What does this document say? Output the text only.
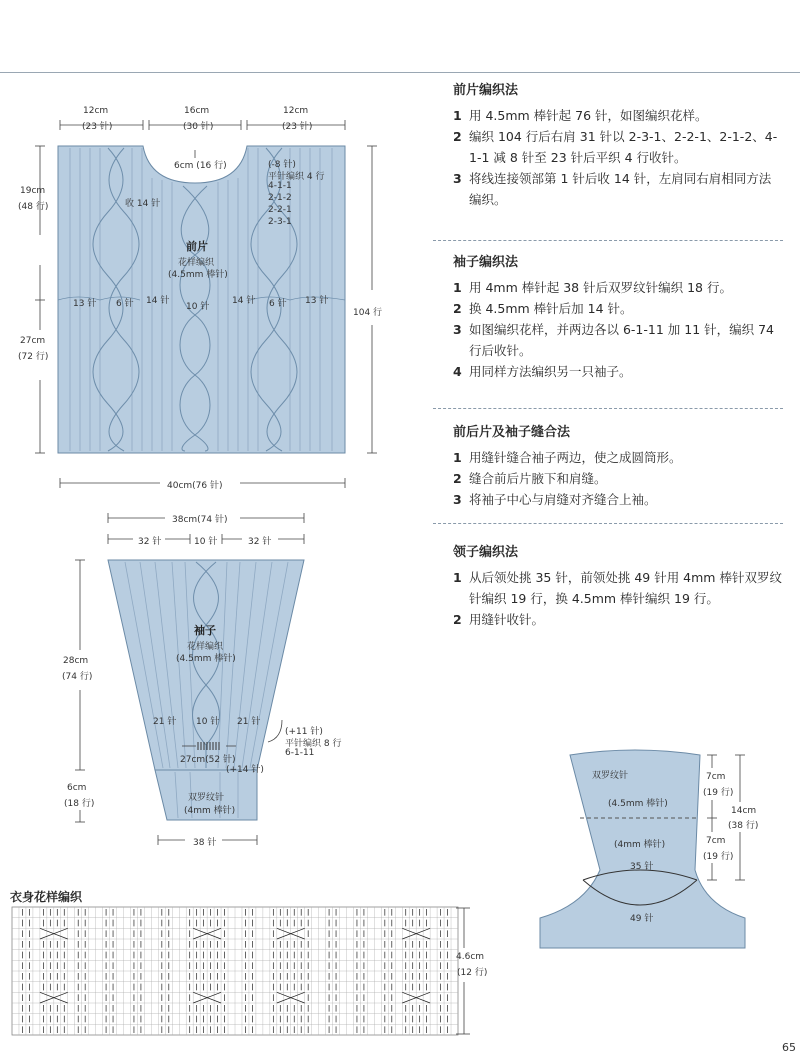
12cm
(23 针)
16cm
(30 针)
12cm
(23 针)
6cm (16 行)
收 14 针
(-8 针)
平针编织 4 行
4-1-1
2-1-2
2-2-1
2-3-1
前片
花样编织
(4.5mm 棒针)
19cm
(48 行)
27cm
(72 行)
104 行
40cm(76 针)
13 针 6 针 14 针
10 针
14 针 6 针 13 针
38cm(74 针)
32 针	10 针	32 针
袖子
花样编织
(4.5mm 棒针)
28cm
(74 行)
6cm
(18 行)
21 针 10 针 21 针
(+11 针)
平针编织 8 行
6-1-11
27cm(52 针)
(+14 针)
双罗纹针
(4mm 棒针)
38 针
双罗纹针
(4.5mm 棒针)
(4mm 棒针)
35 针
49 针
7cm
(19 行)
14cm
(38 行)
7cm
(19 行)
衣身花样编织
4.6cm
(12 行)
前片编织法
1 用 4.5mm 棒针起 76 针，如图编织花样。
2 编织 104 行后右肩 31 针以 2-3-1、2-2-1、2-1-2、4-1-1 减 8 针至 23 针后平织 4 行收针。
3 将线连接领部第 1 针后收 14 针，左肩同右肩相同方法编织。
袖子编织法
1 用 4mm 棒针起 38 针后双罗纹针编织 18 行。
2 换 4.5mm 棒针后加 14 针。
3 如图编织花样，并两边各以 6-1-11 加 11 针，编织 74 行后收针。
4 用同样方法编织另一只袖子。
前后片及袖子缝合法
1 用缝针缝合袖子两边，使之成圆筒形。
2 缝合前后片腋下和肩缝。
3 将袖子中心与肩缝对齐缝合上袖。
领子编织法
1 从后领处挑 35 针，前领处挑 49 针用 4mm 棒针双罗纹针编织 19 行，换 4.5mm 棒针编织 19 行。
2 用缝针收针。
65
